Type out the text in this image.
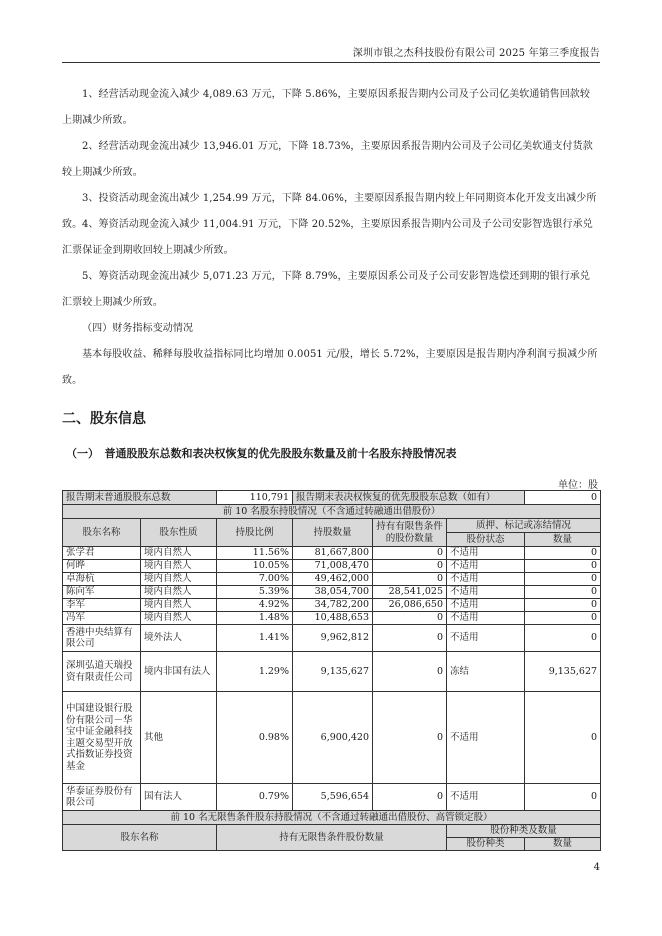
深圳市银之杰科技股份有限公司 2025 年第三季度报告
1、经营活动现金流入减少 4,089.63 万元，下降 5.86%，主要原因系报告期内公司及子公司亿美软通销售回款较上期减少所致。
2、经营活动现金流出减少 13,946.01 万元，下降 18.73%，主要原因系报告期内公司及子公司亿美软通支付货款较上期减少所致。
3、投资活动现金流出减少 1,254.99 万元，下降 84.06%，主要原因系报告期内较上年同期资本化开发支出减少所致。 4、筹资活动现金流入减少 11,004.91 万元，下降 20.52%，主要原因系报告期内公司及子公司安影智选银行承兑汇票保证金到期收回较上期减少所致。
5、筹资活动现金流出减少 5,071.23 万元，下降 8.79%，主要原因系公司及子公司安影智选偿还到期的银行承兑汇票较上期减少所致。
（四）财务指标变动情况
基本每股收益、稀释每股收益指标同比均增加 0.0051 元/股，增长 5.72%，主要原因是报告期内净利润亏损减少所致。
二、股东信息
（一）　普通股股东总数和表决权恢复的优先股股东数量及前十名股东持股情况表
单位：股
报告期末普通股股东总数		110,791	报告期末表决权恢复的优先股股东总数（如有）			0
前 10 名股东持股情况（不含通过转融通出借股份）						
股东名称	股东性质	持股比例	持股数量	持有有限售条件的股份数量	质押、标记或冻结情况	
					股份状态	数量
张学君	境内自然人	11.56%	81,667,800	0	不适用	0
何晔	境内自然人	10.05%	71,008,470	0	不适用	0
卓海杭	境内自然人	7.00%	49,462,000	0	不适用	0
陈向军	境内自然人	5.39%	38,054,700	28,541,025	不适用	0
李军	境内自然人	4.92%	34,782,200	26,086,650	不适用	0
冯军	境内自然人	1.48%	10,488,653	0	不适用	0
香港中央结算有限公司	境外法人	1.41%	9,962,812	0	不适用	0
深圳弘道天瑞投资有限责任公司	境内非国有法人	1.29%	9,135,627	0	冻结	9,135,627
中国建设银行股份有限公司－华宝中证金融科技主题交易型开放式指数证券投资基金	其他	0.98%	6,900,420	0	不适用	0
华泰证券股份有限公司	国有法人	0.79%	5,596,654	0	不适用	0
前 10 名无限售条件股东持股情况（不含通过转融通出借股份、高管锁定股）						
股东名称		持有无限售条件股份数量			股份种类及数量	
					股份种类	数量
4
